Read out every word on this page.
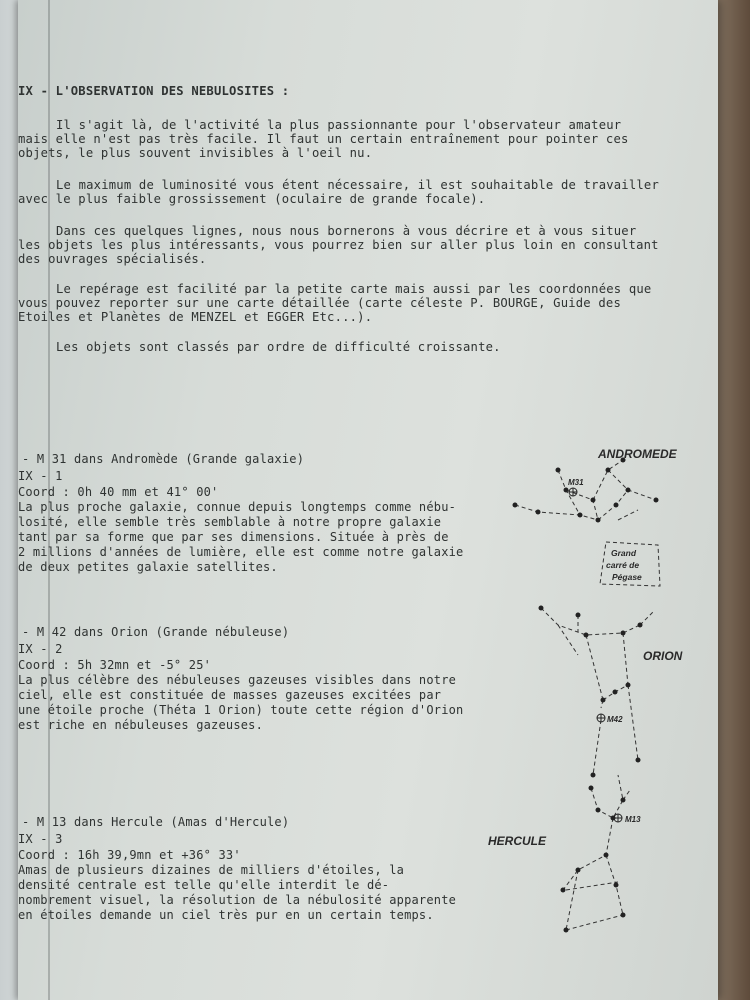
IX - L'OBSERVATION DES NEBULOSITES :
Il s'agit là, de l'activité la plus passionnante pour l'observateur amateur
mais elle n'est pas très facile. Il faut un certain entraînement pour pointer ces
objets, le plus souvent invisibles à l'oeil nu.
Le maximum de luminosité vous étent nécessaire, il est souhaitable de travailler
avec le plus faible grossissement (oculaire de grande focale).
Dans ces quelques lignes, nous nous bornerons à vous décrire et à vous situer
les objets les plus intéressants, vous pourrez bien sur aller plus loin en consultant
des ouvrages spécialisés.
Le repérage est facilité par la petite carte mais aussi par les coordonnées que
vous pouvez reporter sur une carte détaillée (carte céleste P. BOURGE, Guide des
Etoiles et Planètes de MENZEL et EGGER Etc...).
Les objets sont classés par ordre de difficulté croissante.
- M 31 dans Andromède (Grande galaxie)
IX - 1
Coord : 0h 40 mm et 41° 00'
La plus proche galaxie, connue depuis longtemps comme nébu-
losité, elle semble très semblable à notre propre galaxie
tant par sa forme que par ses dimensions. Située à près de
2 millions d'années de lumière, elle est comme notre galaxie
de deux petites galaxie satellites.
- M 42 dans Orion (Grande nébuleuse)
IX - 2
Coord : 5h 32mn et -5° 25'
La plus célèbre des nébuleuses gazeuses visibles dans notre
ciel, elle est constituée de masses gazeuses excitées par
une étoile proche (Théta 1 Orion) toute cette région d'Orion
est riche en nébuleuses gazeuses.
- M 13 dans Hercule (Amas d'Hercule)
IX - 3
Coord : 16h 39,9mn et +36° 33'
Amas de plusieurs dizaines de milliers d'étoiles, la
densité centrale est telle qu'elle interdit le dé-
nombrement visuel, la résolution de la nébulosité apparente
en étoiles demande un ciel très pur en un certain temps.
ANDROMEDE
M31
Grand
carré de
Pégase
ORION
M42
HERCULE
M13
